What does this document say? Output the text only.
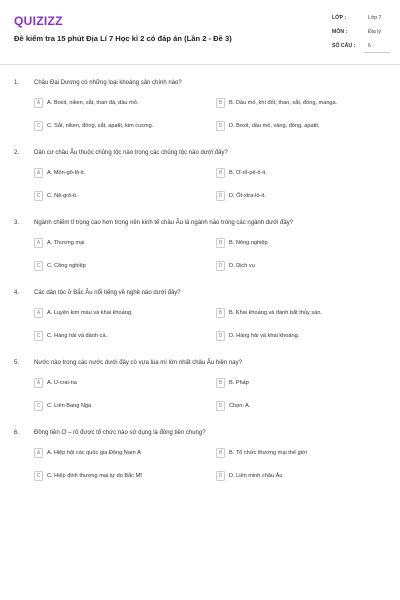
QUIZIZZ
Đề kiểm tra 15 phút Địa Lí 7 Học kì 2 có đáp án (Lần 2 - Đề 3)
LỚP :	Lớp 7
MÔN :	Địa lý
SỐ CÂU :	6
1. Châu Đại Dương có những loại khoáng sản chính nào?
A	A. Boxit, niken, sắt, than đá, dầu mỏ.	B	B. Dầu mỏ, khí đốt, than, sắt, đồng, manga.
C	C. Sắt, niken, đồng, sắt, apatit, kim cương.	D	D. Boxit, dầu mỏ, vàng, đồng, apatit.
2. Dân cư châu Âu thuộc chủng tộc nào trong các chủng tộc nào dưới đây?
A	A. Môn-gô-lô-it.	B	B. Ơ-rô-pê-ô-it.
C	C. Nê-grô-it.	D	D. Ốt-xtra-lô-it.
3. Ngành chiếm tỉ trọng cao hơn trong nền kinh tế châu Âu là ngành nào trong các ngành dưới đây?
A	A. Thương mại	B	B. Nông nghiệp
C	C. Công nghiệp	D	D. Dịch vụ
4. Các dân tộc ở Bắc Âu nổi tiếng về nghề nào dưới đây?
A	A. Luyện kim màu và khai khoáng.	B	B. Khai khoáng và đánh bắt thủy sản.
C	C. Hàng hải và đánh cá.	D	D. Hàng hải và khai khoáng.
5. Nước nào trong các nước dưới đây có vựa lúa mì lớn nhất châu Âu hiện nay?
A	A. U-crai-na	B	B. Pháp
C	C. Liên Bang Nga	D	Chọn: A.
6. Đồng tiền Ơ – rô được tổ chức nào sử dụng là đồng tiền chung?
A	A. Hiệp hội các quốc gia Đông Nam Á	B	B. Tổ chức thương mại thế giới
C	C. Hiệp định thương mại tự do Bắc Mĩ	D	D. Liên minh châu Âu
